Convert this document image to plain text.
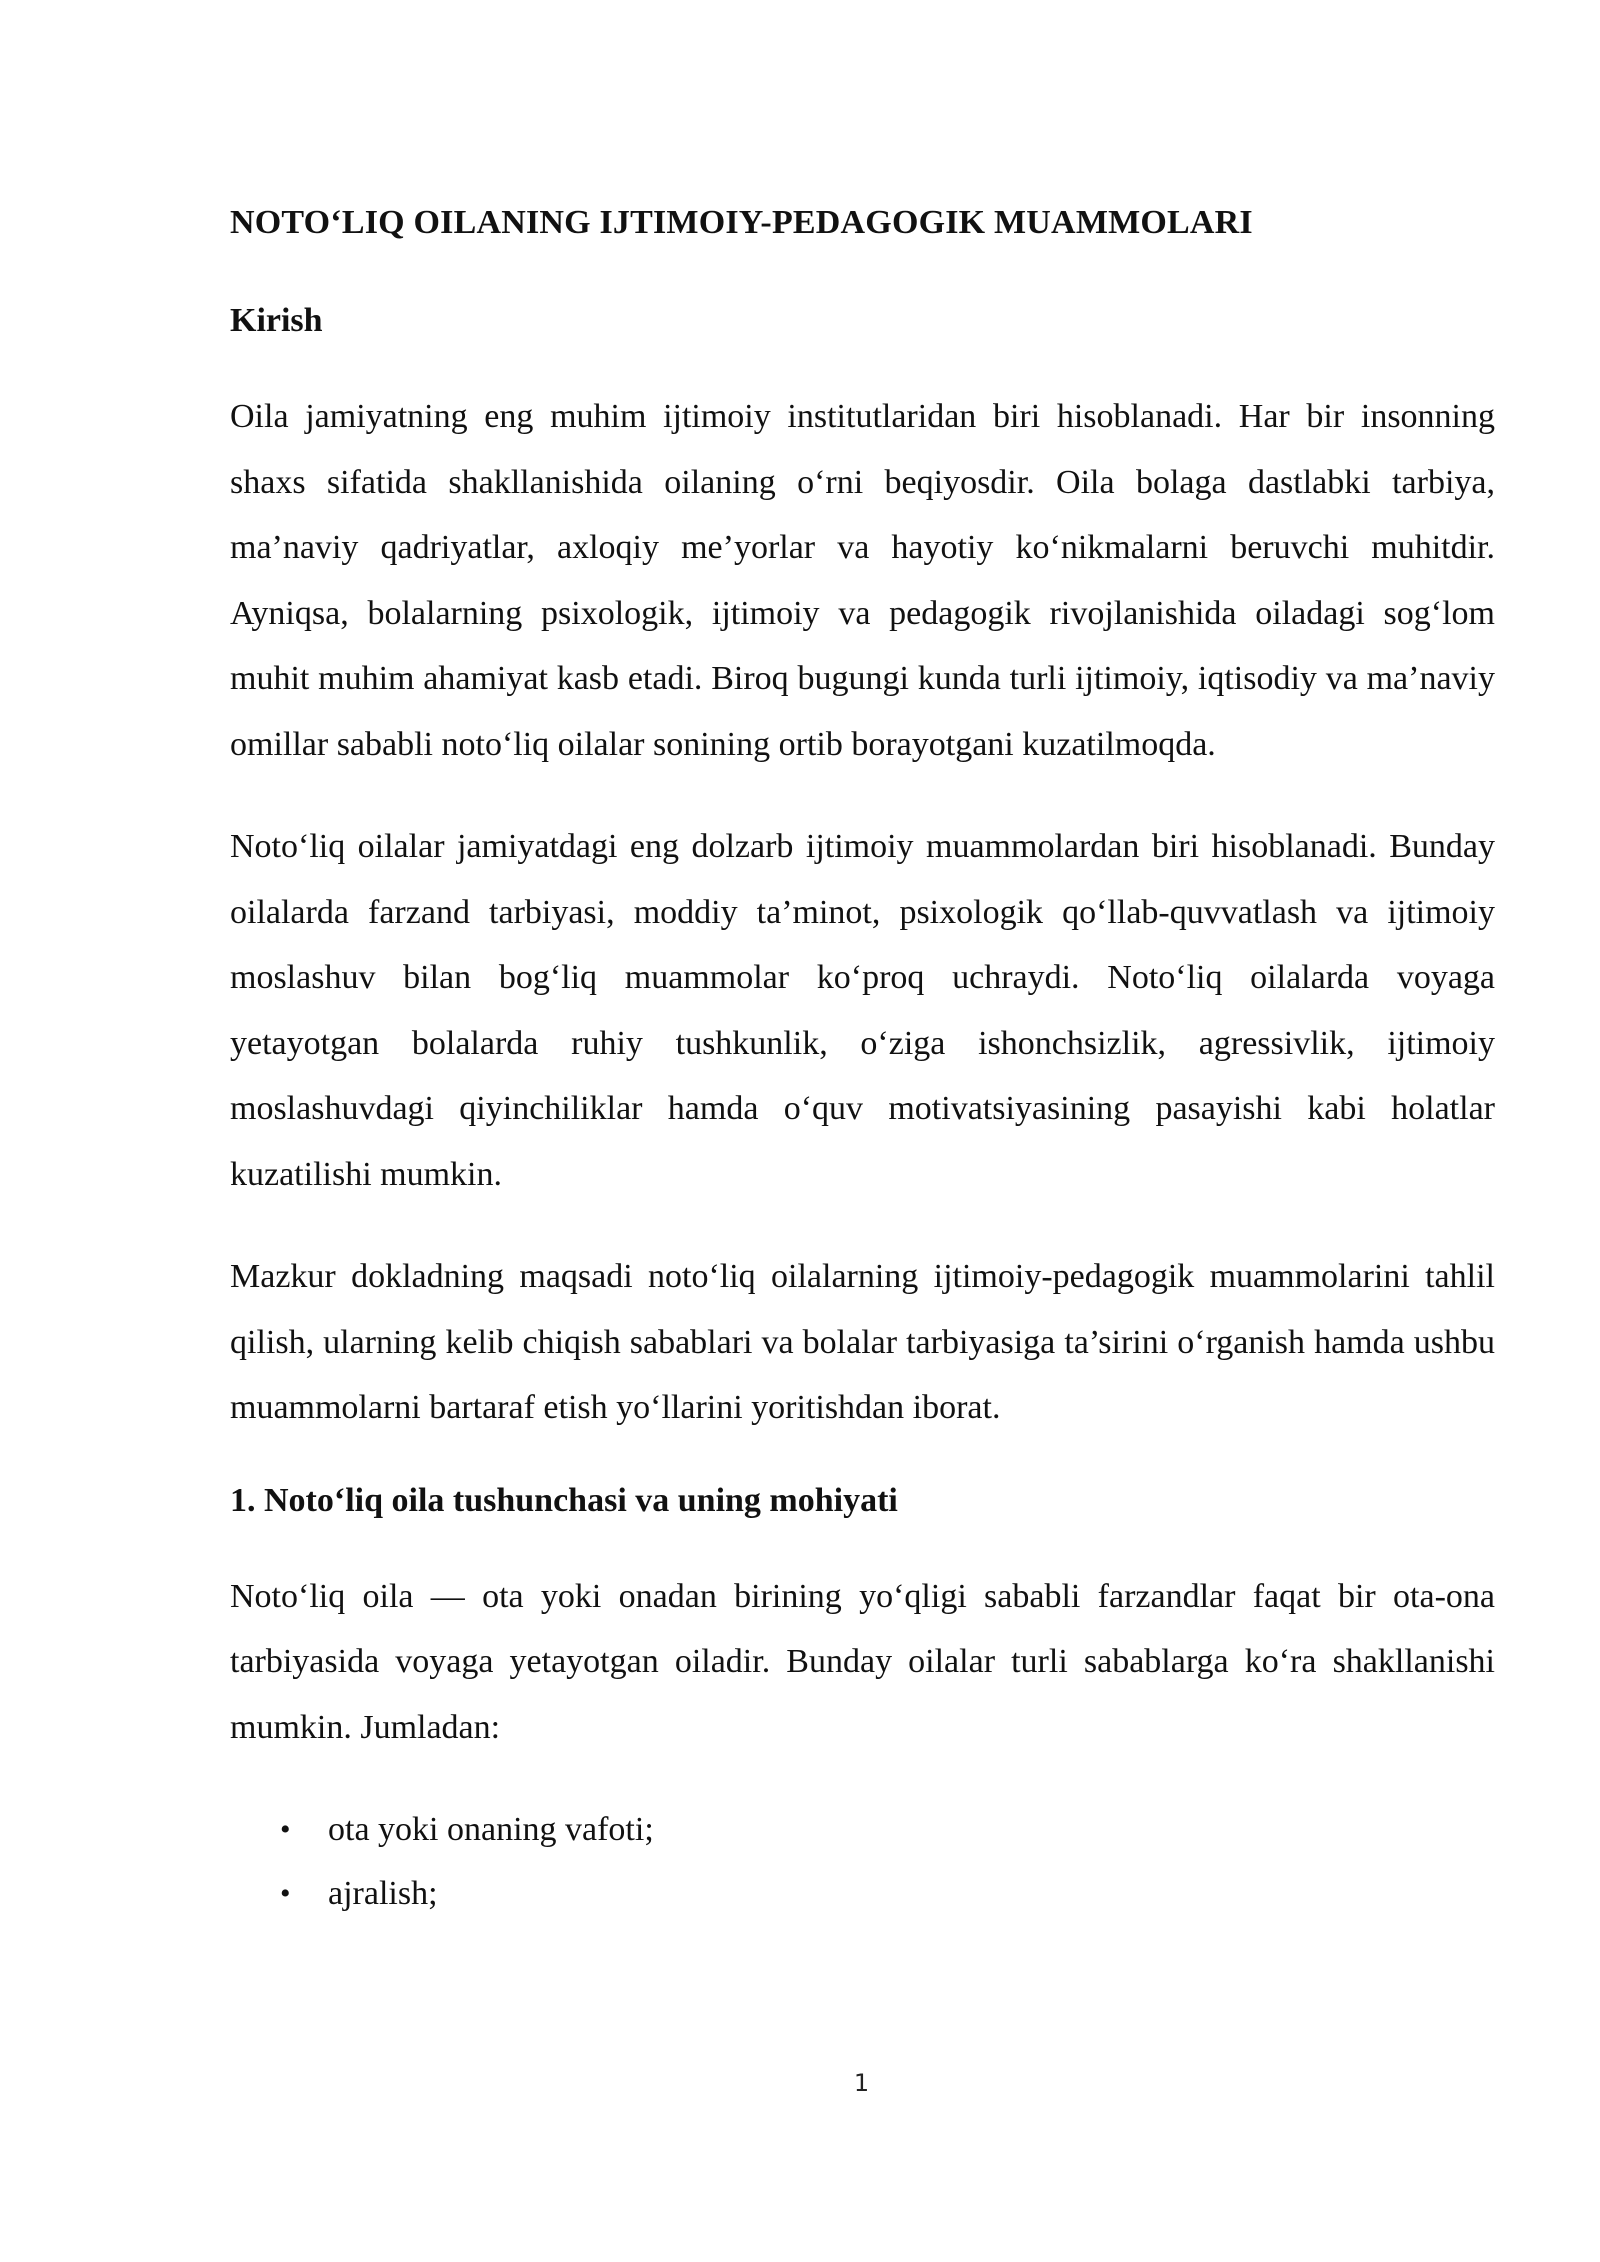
NOTO‘LIQ OILANING IJTIMOIY-PEDAGOGIK MUAMMOLARI
Kirish

Oila jamiyatning eng muhim ijtimoiy institutlaridan biri hisoblanadi. Har bir insonning shaxs sifatida shakllanishida oilaning o‘rni beqiyosdir. Oila bolaga dastlabki tarbiya, ma’naviy qadriyatlar, axloqiy me’yorlar va hayotiy ko‘nikmalarni beruvchi muhitdir. Ayniqsa, bolalarning psixologik, ijtimoiy va pedagogik rivojlanishida oiladagi sog‘lom muhit muhim ahamiyat kasb etadi. Biroq bugungi kunda turli ijtimoiy, iqtisodiy va ma’naviy omillar sababli noto‘liq oilalar sonining ortib borayotgani kuzatilmoqda.

Noto‘liq oilalar jamiyatdagi eng dolzarb ijtimoiy muammolardan biri hisoblanadi. Bunday oilalarda farzand tarbiyasi, moddiy ta’minot, psixologik qo‘llab-quvvatlash va ijtimoiy moslashuv bilan bog‘liq muammolar ko‘proq uchraydi. Noto‘liq oilalarda voyaga yetayotgan bolalarda ruhiy tushkunlik, o‘ziga ishonchsizlik, agressivlik, ijtimoiy moslashuvdagi qiyinchiliklar hamda o‘quv motivatsiyasining pasayishi kabi holatlar kuzatilishi mumkin.

Mazkur dokladning maqsadi noto‘liq oilalarning ijtimoiy-pedagogik muammolarini tahlil qilish, ularning kelib chiqish sabablari va bolalar tarbiyasiga ta’sirini o‘rganish hamda ushbu muammolarni bartaraf etish yo‘llarini yoritishdan iborat.

1. Noto‘liq oila tushunchasi va uning mohiyati

Noto‘liq oila — ota yoki onadan birining yo‘qligi sababli farzandlar faqat bir ota-ona tarbiyasida voyaga yetayotgan oiladir. Bunday oilalar turli sabablarga ko‘ra shakllanishi mumkin. Jumladan:

• ota yoki onaning vafoti;
• ajralish;
1
